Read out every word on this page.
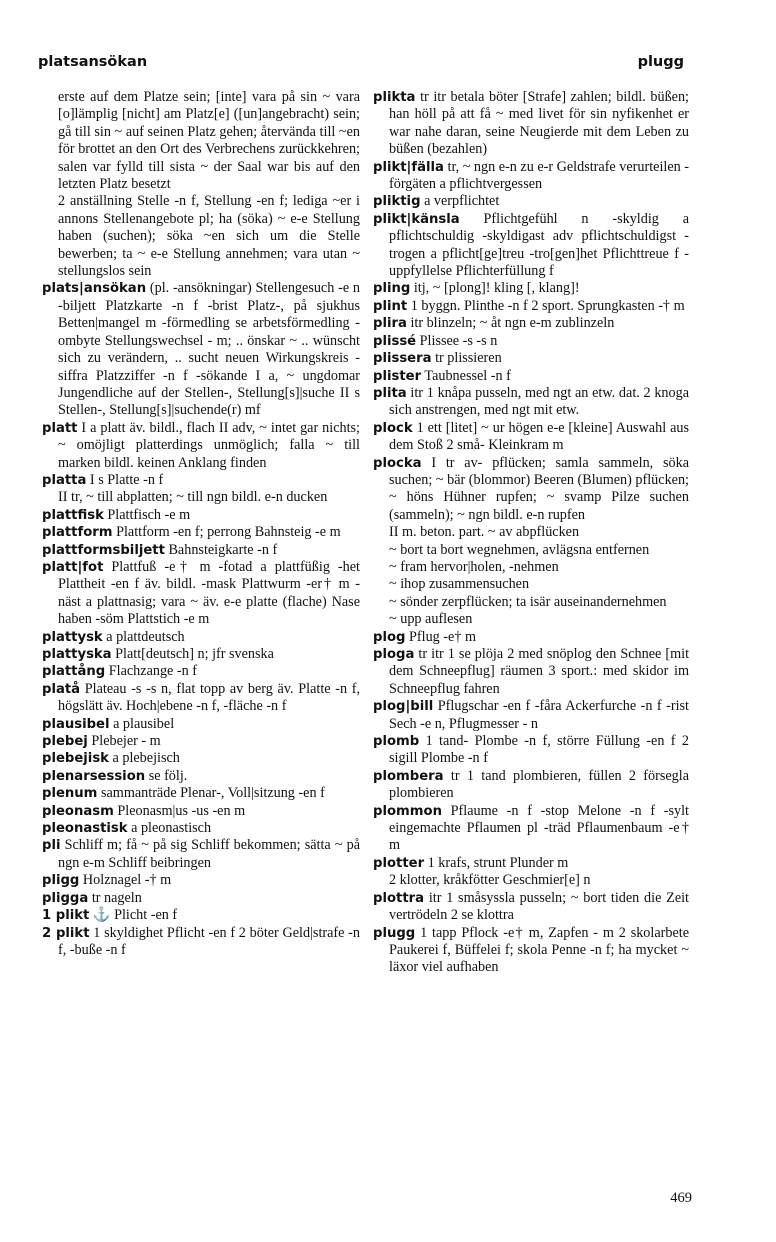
platsansökan	plugg

erste auf dem Platze sein; [inte] vara på sin ~ vara [o]lämplig [nicht] am Platz[e] ([un]angebracht) sein; gå till sin ~ auf seinen Platz gehen; återvända till ~en för brottet an den Ort des Verbrechens zurückkehren; salen var fylld till sista ~ der Saal war bis auf den letzten Platz besetzt

2 anställning Stelle -n f, Stellung -en f; lediga ~er i annons Stellenangebote pl; ha (söka) ~ e-e Stellung haben (suchen); söka ~en sich um die Stelle bewerben; ta ~ e-e Stellung annehmen; vara utan ~ stellungslos sein

plats|ansökan (pl. -ansökningar) Stellengesuch -e n -biljett Platzkarte -n f -brist Platz-, på sjukhus Betten|mangel m -förmedling se arbetsförmedling -ombyte Stellungswechsel - m; .. önskar ~ .. wünscht sich zu verändern, .. sucht neuen Wirkungskreis -siffra Platzziffer -n f -sökande I a, ~ ungdomar Jungendliche auf der Stellen-, Stellung[s]|suche II s Stellen-, Stellung[s]|suchende(r) mf

platt I a platt äv. bildl., flach II adv, ~ intet gar nichts; ~ omöjligt platterdings unmöglich; falla ~ till marken bildl. keinen Anklang finden

platta I s Platte -n f

II tr, ~ till abplatten; ~ till ngn bildl. e-n ducken

plattfisk Plattfisch -e m

plattform Plattform -en f; perrong Bahnsteig -e m

plattformsbiljett Bahnsteigkarte -n f

platt|fot Plattfuß -e† m -fotad a plattfüßig -het Plattheit -en f äv. bildl. -mask Plattwurm -er† m -näst a plattnasig; vara ~ äv. e-e platte (flache) Nase haben -söm Plattstich -e m

plattysk a plattdeutsch

plattyska Platt[deutsch] n; jfr svenska

plattång Flachzange -n f

platå Plateau -s -s n, flat topp av berg äv. Platte -n f, högslätt äv. Hoch|ebene -n f, -fläche -n f

plausibel a plausibel

plebej Plebejer - m

plebejisk a plebejisch

plenarsession se följ.

plenum sammanträde Plenar-, Voll|sitzung -en f

pleonasm Pleonasm|us -us -en m

pleonastisk a pleonastisch

pli Schliff m; få ~ på sig Schliff bekommen; sätta ~ på ngn e-m Schliff beibringen

pligg Holznagel -† m

pligga tr nageln

1 plikt ⚓ Plicht -en f

2 plikt 1 skyldighet Pflicht -en f 2 böter Geld|strafe -n f, -buße -n f

plikta tr itr betala böter [Strafe] zahlen; bildl. büßen; han höll på att få ~ med livet för sin nyfikenhet er war nahe daran, seine Neugierde mit dem Leben zu büßen (bezahlen)

plikt|fälla tr, ~ ngn e-n zu e-r Geldstrafe verurteilen -förgäten a pflichtvergessen

pliktig a verpflichtet

plikt|känsla Pflichtgefühl n -skyldig a pflichtschuldig -skyldigast adv pflichtschuldigst -trogen a pflicht[ge]treu -tro[gen]het Pflichttreue f -uppfyllelse Pflichterfüllung f

pling itj, ~ [plong]! kling [, klang]!

plint 1 byggn. Plinthe -n f 2 sport. Sprungkasten -† m

plira itr blinzeln; ~ åt ngn e-m zublinzeln

plissé Plissee -s -s n

plissera tr plissieren

plister Taubnessel -n f

plita itr 1 knåpa pusseln, med ngt an etw. dat. 2 knoga sich anstrengen, med ngt mit etw.

plock 1 ett [litet] ~ ur högen e-e [kleine] Auswahl aus dem Stoß 2 små- Kleinkram m

plocka I tr av- pflücken; samla sammeln, söka suchen; ~ bär (blommor) Beeren (Blumen) pflücken; ~ höns Hühner rupfen; ~ svamp Pilze suchen (sammeln); ~ ngn bildl. e-n rupfen

II m. beton. part. ~ av abpflücken

~ bort ta bort wegnehmen, avlägsna entfernen

~ fram hervor|holen, -nehmen

~ ihop zusammensuchen

~ sönder zerpflücken; ta isär auseinandernehmen

~ upp auflesen

plog Pflug -e† m

ploga tr itr 1 se plöja 2 med snöplog den Schnee [mit dem Schneepflug] räumen 3 sport.: med skidor im Schneepflug fahren

plog|bill Pflugschar -en f -fåra Ackerfurche -n f -rist Sech -e n, Pflugmesser - n

plomb 1 tand- Plombe -n f, större Füllung -en f 2 sigill Plombe -n f

plombera tr 1 tand plombieren, füllen 2 försegla plombieren

plommon Pflaume -n f -stop Melone -n f -sylt eingemachte Pflaumen pl -träd Pflaumenbaum -e† m

plotter 1 krafs, strunt Plunder m

2 klotter, kråkfötter Geschmier[e] n

plottra itr 1 småsyssla pusseln; ~ bort tiden die Zeit vertrödeln 2 se klottra

plugg 1 tapp Pflock -e† m, Zapfen - m 2 skolarbete Paukerei f, Büffelei f; skola Penne -n f; ha mycket ~ läxor viel aufhaben

469
